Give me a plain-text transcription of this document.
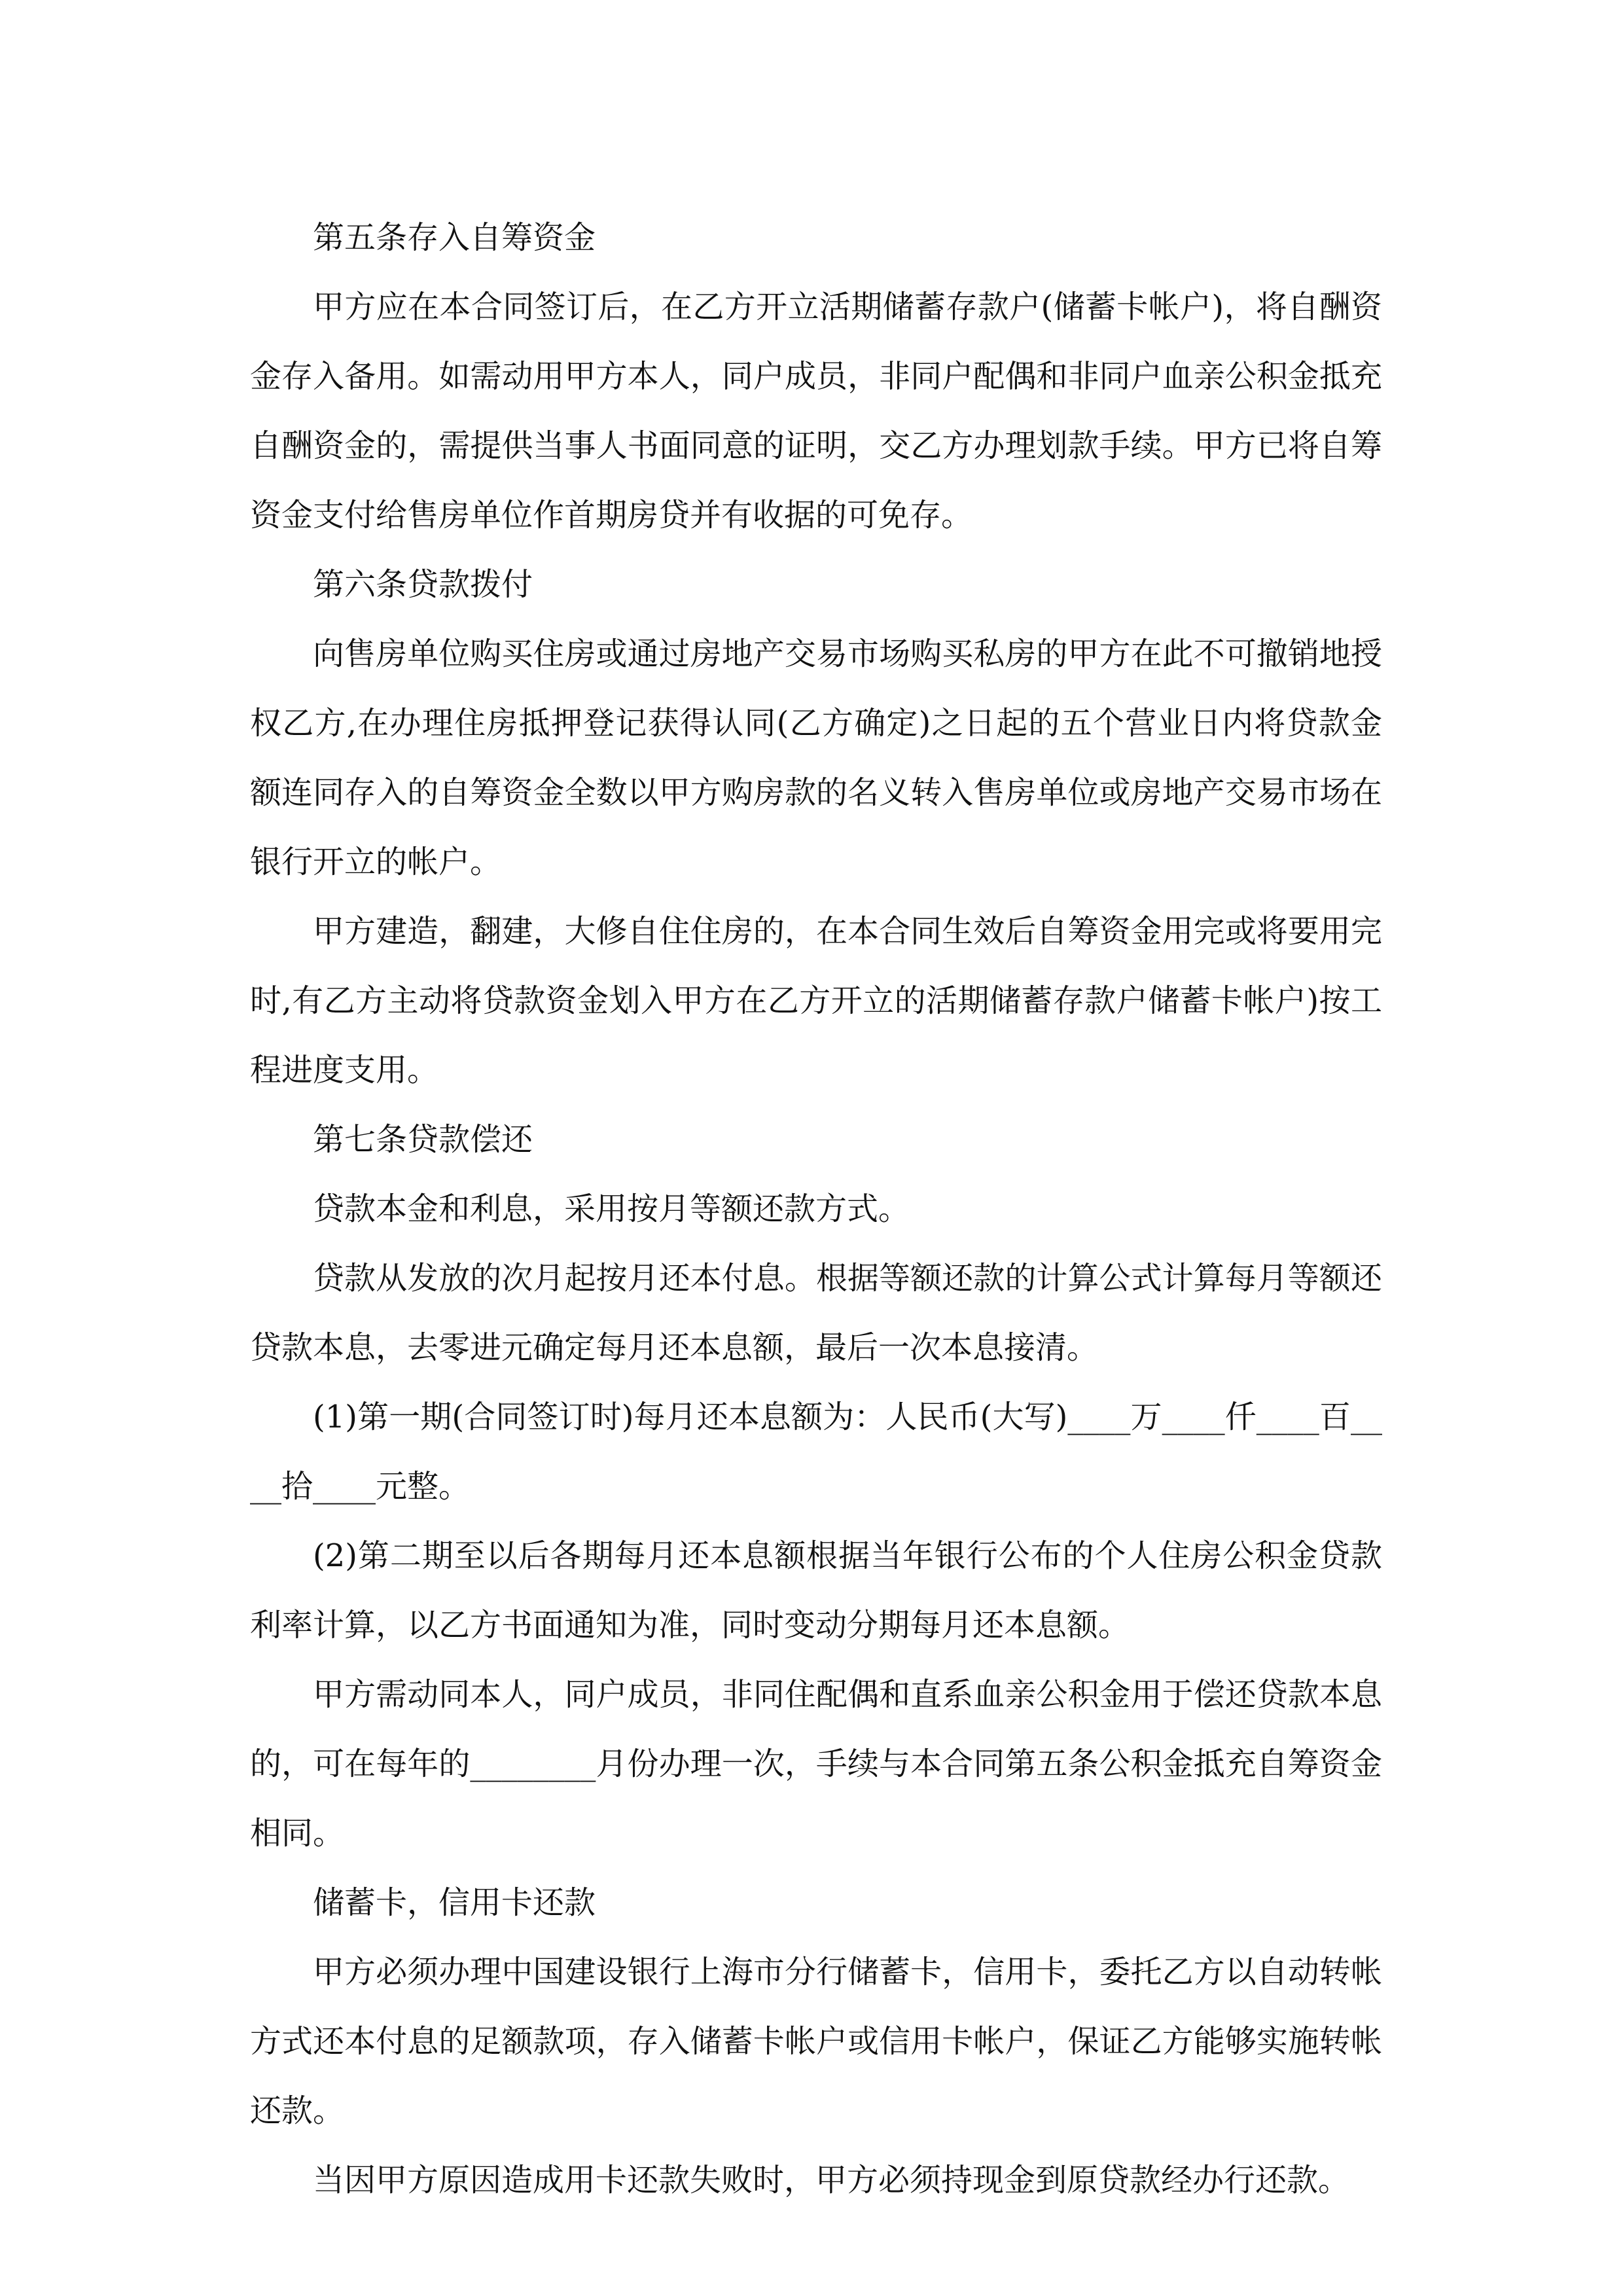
第五条存入自筹资金

甲方应在本合同签订后，在乙方开立活期储蓄存款户(储蓄卡帐户)，将自酬资金存入备用。如需动用甲方本人，同户成员，非同户配偶和非同户血亲公积金抵充自酬资金的，需提供当事人书面同意的证明，交乙方办理划款手续。甲方已将自筹资金支付给售房单位作首期房贷并有收据的可免存。

第六条贷款拨付

向售房单位购买住房或通过房地产交易市场购买私房的甲方在此不可撤销地授权乙方,在办理住房抵押登记获得认同(乙方确定)之日起的五个营业日内将贷款金额连同存入的自筹资金全数以甲方购房款的名义转入售房单位或房地产交易市场在银行开立的帐户。

甲方建造，翻建，大修自住住房的，在本合同生效后自筹资金用完或将要用完时,有乙方主动将贷款资金划入甲方在乙方开立的活期储蓄存款户储蓄卡帐户)按工程进度支用。

第七条贷款偿还

贷款本金和利息，采用按月等额还款方式。

贷款从发放的次月起按月还本付息。根据等额还款的计算公式计算每月等额还贷款本息，去零进元确定每月还本息额，最后一次本息接清。

(1)第一期(合同签订时)每月还本息额为：人民币(大写)____万____仟____百____拾____元整。

(2)第二期至以后各期每月还本息额根据当年银行公布的个人住房公积金贷款利率计算，以乙方书面通知为准，同时变动分期每月还本息额。

甲方需动同本人，同户成员，非同住配偶和直系血亲公积金用于偿还贷款本息的，可在每年的________月份办理一次，手续与本合同第五条公积金抵充自筹资金相同。

储蓄卡，信用卡还款

甲方必须办理中国建设银行上海市分行储蓄卡，信用卡，委托乙方以自动转帐方式还本付息的足额款项，存入储蓄卡帐户或信用卡帐户，保证乙方能够实施转帐还款。

当因甲方原因造成用卡还款失败时，甲方必须持现金到原贷款经办行还款。
